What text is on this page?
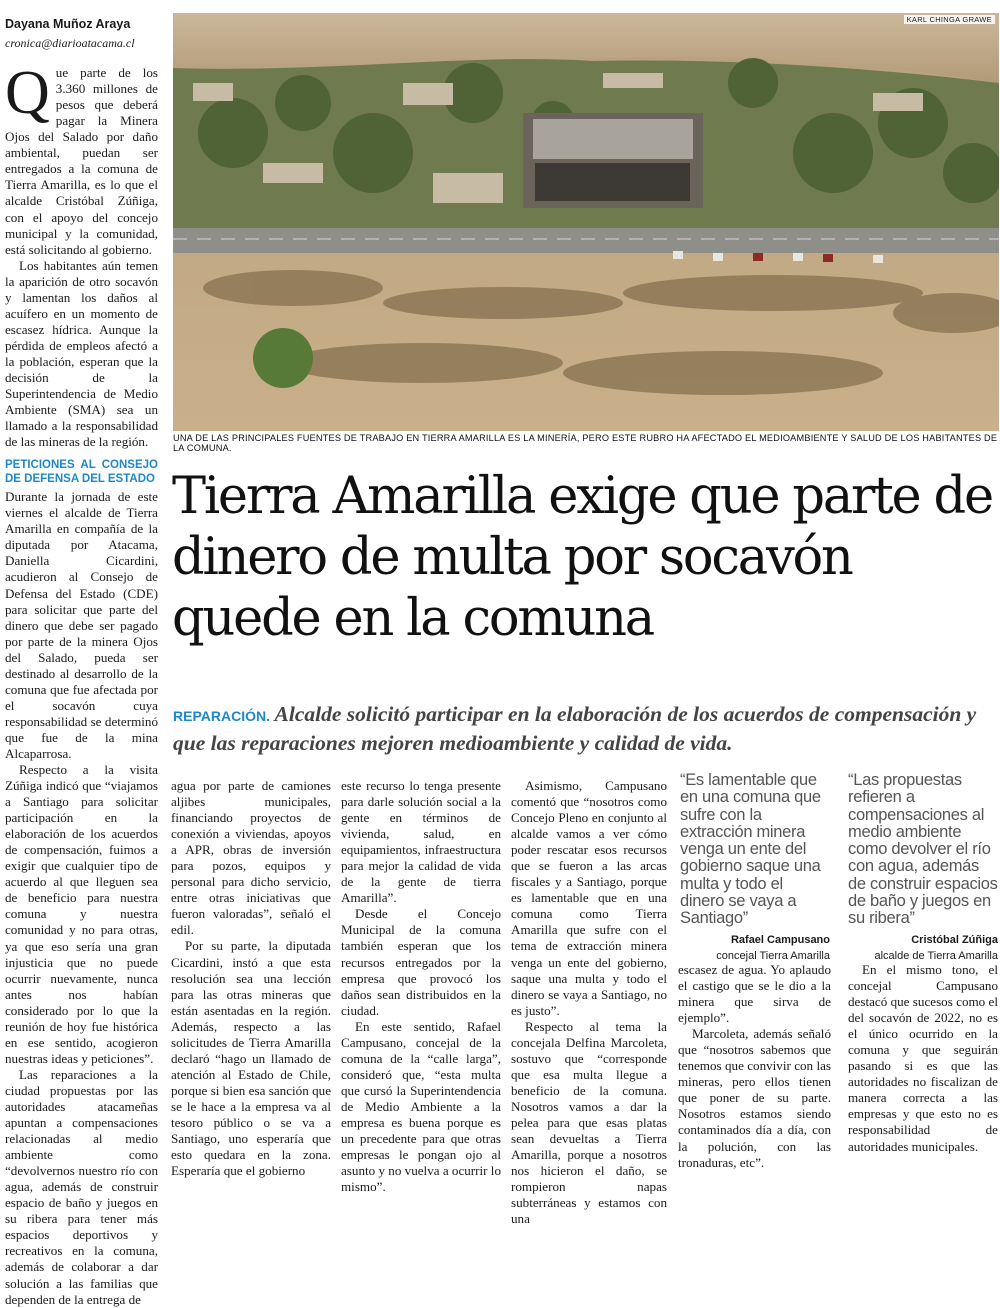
Dayana Muñoz Araya
cronica@diarioatacama.cl
Q ue parte de los 3.360 millones de pesos que deberá pagar la Minera Ojos del Salado por daño ambiental, puedan ser entregados a la comuna de Tierra Amarilla, es lo que el alcalde Cristóbal Zúñiga, con el apoyo del concejo municipal y la comunidad, está solicitando al gobierno.

Los habitantes aún temen la aparición de otro socavón y lamentan los daños al acuífero en un momento de escasez hídrica. Aunque la pérdida de empleos afectó a la población, esperan que la decisión de la Superintendencia de Medio Ambiente (SMA) sea un llamado a la responsabilidad de las mineras de la región.

PETICIONES AL CONSEJO DE DEFENSA DEL ESTADO

Durante la jornada de este viernes el alcalde de Tierra Amarilla en compañía de la diputada por Atacama, Daniella Cicardini, acudieron al Consejo de Defensa del Estado (CDE) para solicitar que parte del dinero que debe ser pagado por parte de la minera Ojos del Salado, pueda ser destinado al desarrollo de la comuna que fue afectada por el socavón cuya responsabilidad se determinó que fue de la mina Alcaparrosa.

Respecto a la visita Zúñiga indicó que “viajamos a Santiago para solicitar participación en la elaboración de los acuerdos de compensación, fuimos a exigir que cualquier tipo de acuerdo al que lleguen sea de beneficio para nuestra comuna y nuestra comunidad y no para otras, ya que eso sería una gran injusticia que no puede ocurrir nuevamente, nunca antes nos habían considerado por lo que la reunión de hoy fue histórica en ese sentido, acogieron nuestras ideas y peticiones”.

Las reparaciones a la ciudad propuestas por las autoridades atacameñas apuntan a compensaciones relacionadas al medio ambiente como “devolvernos nuestro río con agua, además de construir espacio de baño y juegos en su ribera para tener más espacios deportivos y recreativos en la comuna, además de colaborar a dar solución a las familias que dependen de la entrega de

KARL CHINGA GRAWE
UNA DE LAS PRINCIPALES FUENTES DE TRABAJO EN TIERRA AMARILLA ES LA MINERÍA, PERO ESTE RUBRO HA AFECTADO EL MEDIOAMBIENTE Y SALUD DE LOS HABITANTES DE LA COMUNA.
Tierra Amarilla exige que parte de dinero de multa por socavón quede en la comuna
REPARACIÓN. Alcalde solicitó participar en la elaboración de los acuerdos de compensación y que las reparaciones mejoren medioambiente y calidad de vida.

agua por parte de camiones aljibes municipales, financiando proyectos de conexión a viviendas, apoyos a APR, obras de inversión para pozos, equipos y personal para dicho servicio, entre otras iniciativas que fueron valoradas”, señaló el edil.

Por su parte, la diputada Cicardini, instó a que esta resolución sea una lección para las otras mineras que están asentadas en la región. Además, respecto a las solicitudes de Tierra Amarilla declaró “hago un llamado de atención al Estado de Chile, porque si bien esa sanción que se le hace a la empresa va al tesoro público o se va a Santiago, uno esperaría que esto quedara en la zona. Esperaría que el gobierno

este recurso lo tenga presente para darle solución social a la gente en términos de vivienda, salud, en equipamientos, infraestructura para mejor la calidad de vida de la gente de tierra Amarilla”.

Desde el Concejo Municipal de la comuna también esperan que los recursos entregados por la empresa que provocó los daños sean distribuidos en la ciudad.

En este sentido, Rafael Campusano, concejal de la comuna de la “calle larga”, consideró que, “esta multa que cursó la Superintendencia de Medio Ambiente a la empresa es buena porque es un precedente para que otras empresas le pongan ojo al asunto y no vuelva a ocurrir lo mismo”.

Asimismo, Campusano comentó que “nosotros como Concejo Pleno en conjunto al alcalde vamos a ver cómo poder rescatar esos recursos que se fueron a las arcas fiscales y a Santiago, porque es lamentable que en una comuna como Tierra Amarilla que sufre con el tema de extracción minera venga un ente del gobierno, saque una multa y todo el dinero se vaya a Santiago, no es justo”.

Respecto al tema la concejala Delfina Marcoleta, sostuvo que “corresponde que esa multa llegue a beneficio de la comuna. Nosotros vamos a dar la pelea para que esas platas sean devueltas a Tierra Amarilla, porque a nosotros nos hicieron el daño, se rompieron napas subterráneas y estamos con una

“Es lamentable que en una comuna que sufre con la extracción minera venga un ente del gobierno saque una multa y todo el dinero se vaya a Santiago”
Rafael Campusano
concejal Tierra Amarilla

escasez de agua. Yo aplaudo el castigo que se le dio a la minera que sirva de ejemplo”.

Marcoleta, además señaló que “nosotros sabemos que tenemos que convivir con las mineras, pero ellos tienen que poner de su parte. Nosotros estamos siendo contaminados día a día, con la polución, con las tronaduras, etc”.

“Las propuestas refieren a compensaciones al medio ambiente como devolver el río con agua, además de construir espacios de baño y juegos en su ribera”
Cristóbal Zúñiga
alcalde de Tierra Amarilla

En el mismo tono, el concejal Campusano destacó que sucesos como el del socavón de 2022, no es el único ocurrido en la comuna y que seguirán pasando si es que las autoridades no fiscalizan de manera correcta a las empresas y que esto no es responsabilidad de autoridades municipales.
